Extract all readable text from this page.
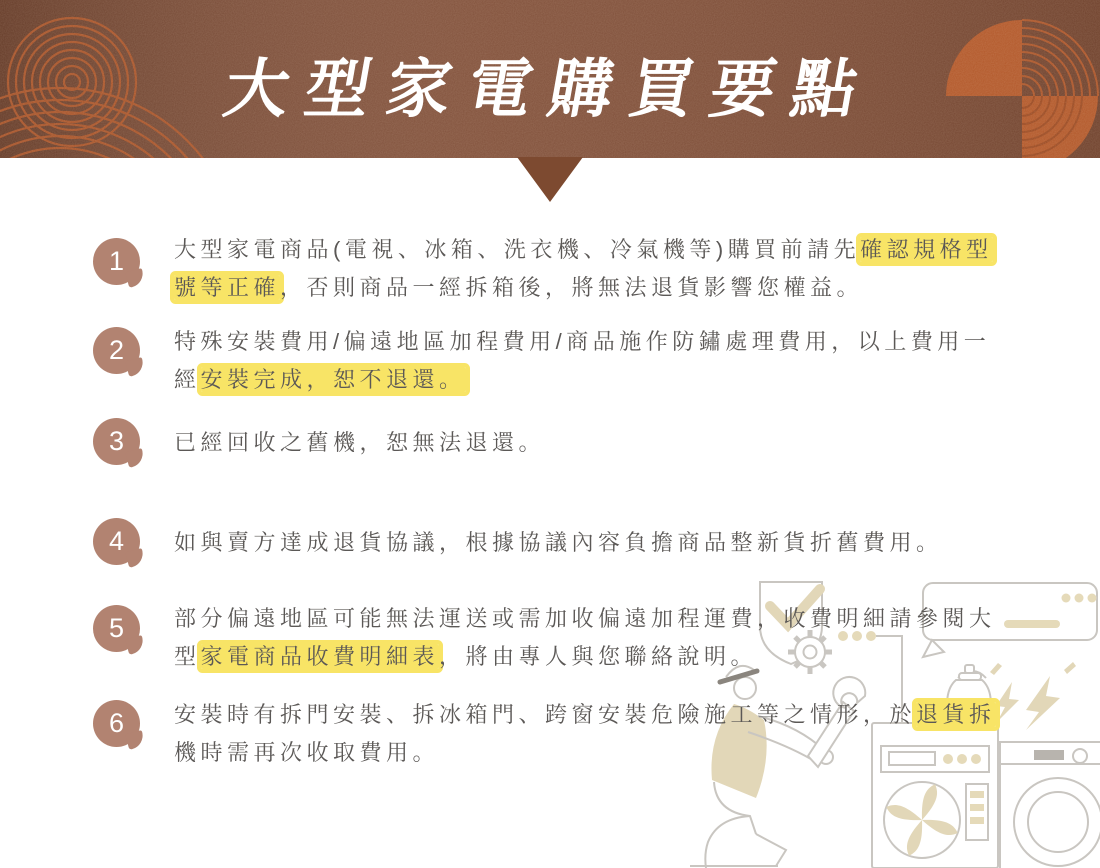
大型家電購買要點
1
2
3
4
5
6
大型家電商品(電視、冰箱、洗衣機、冷氣機等)購買前請先確認規格型
號等正確，否則商品一經拆箱後，將無法退貨影響您權益。
特殊安裝費用/偏遠地區加程費用/商品施作防鏽處理費用，以上費用一
經安裝完成，恕不退還。
已經回收之舊機，恕無法退還。
如與賣方達成退貨協議，根據協議內容負擔商品整新貨折舊費用。
部分偏遠地區可能無法運送或需加收偏遠加程運費，收費明細請參閱大
型家電商品收費明細表，將由專人與您聯絡說明。
安裝時有拆門安裝、拆冰箱門、跨窗安裝危險施工等之情形，於退貨拆
機時需再次收取費用。
